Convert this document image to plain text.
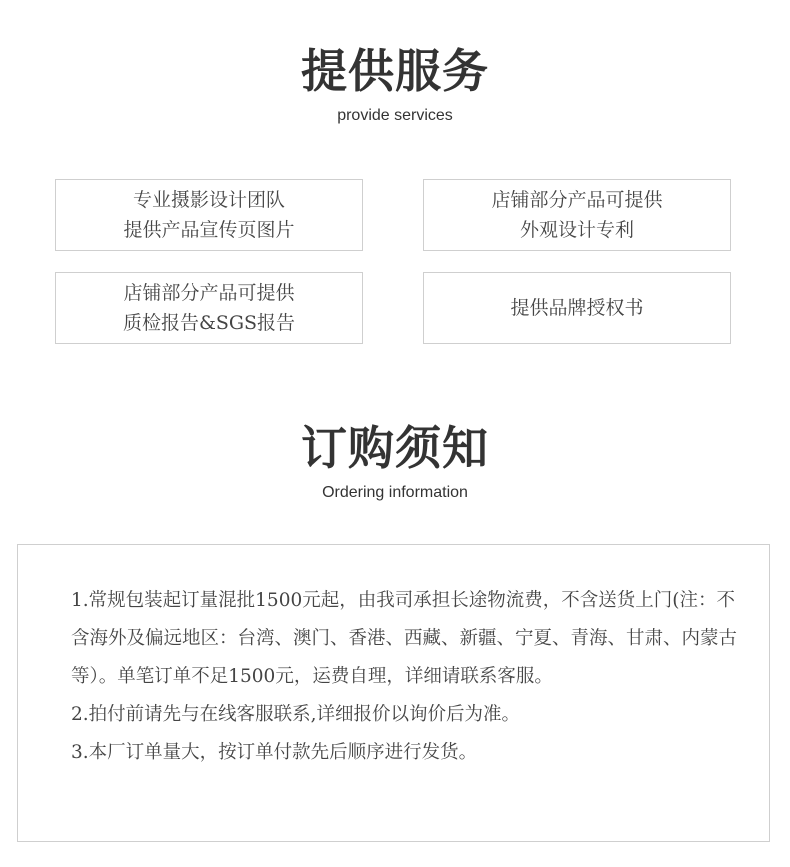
提供服务
provide services
专业摄影设计团队
提供产品宣传页图片
店铺部分产品可提供
外观设计专利
店铺部分产品可提供
质检报告&SGS报告
提供品牌授权书
订购须知
Ordering information

1.常规包装起订量混批1500元起，由我司承担长途物流费，不含送货上门(注：不含海外及偏远地区：台湾、澳门、香港、西藏、新疆、宁夏、青海、甘肃、内蒙古等）。单笔订单不足1500元，运费自理，详细请联系客服。

2.拍付前请先与在线客服联系,详细报价以询价后为准。

3.本厂订单量大，按订单付款先后顺序进行发货。
